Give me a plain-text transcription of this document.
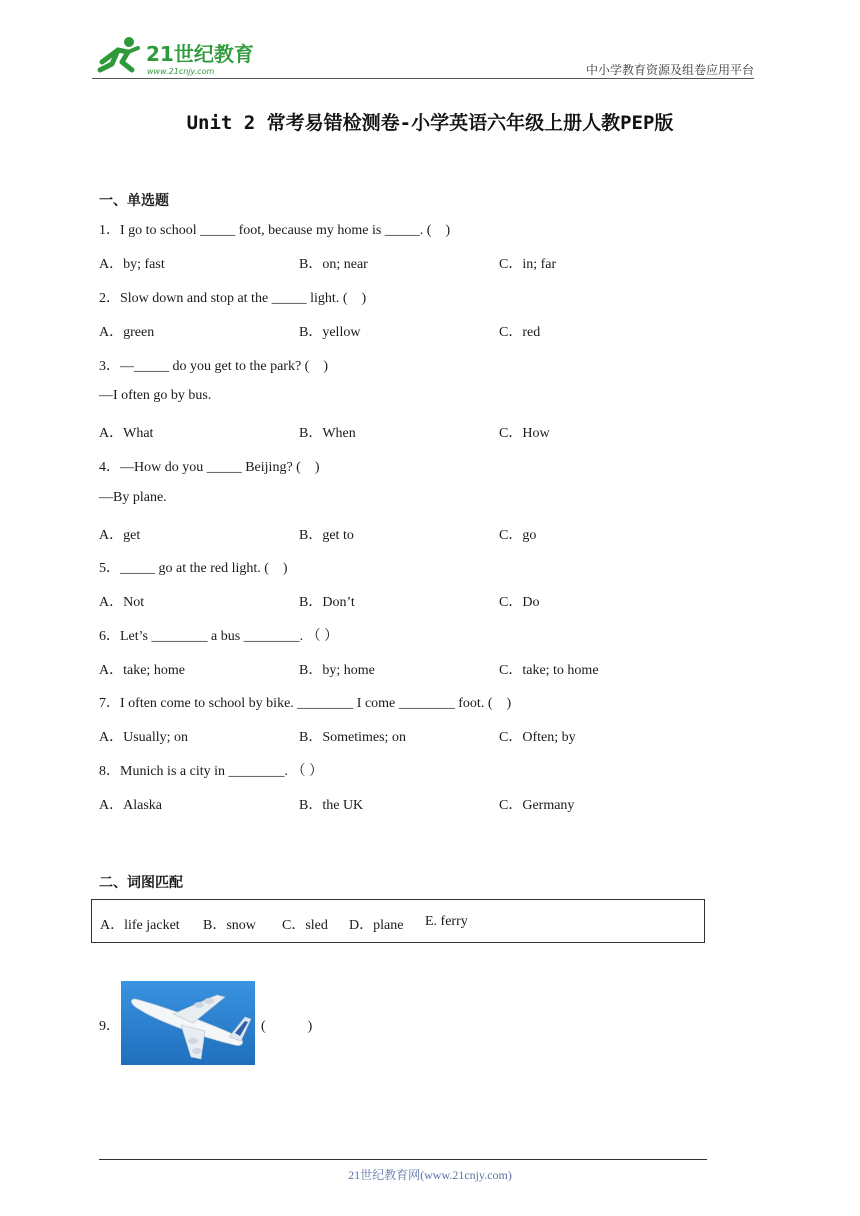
21世纪教育
www.21cnjy.com	中小学教育资源及组卷应用平台
Unit 2 常考易错检测卷-小学英语六年级上册人教PEP版
一、单选题
1．I go to school _____ foot, because my home is _____. (　)
A．by; fast	B．on; near	C．in; far
2．Slow down and stop at the _____ light. (　)
A．green	B．yellow	C．red
3．—_____ do you get to the park? (　)
—I often go by bus.
A．What	B．When	C．How
4．—How do you _____ Beijing? (　)
—By plane.
A．get	B．get to	C．go
5．_____ go at the red light. (　)
A．Not	B．Don’t	C．Do
6．Let’s ________ a bus ________. （ ）
A．take; home	B．by; home	C．take; to home
7．I often come to school by bike. ________ I come ________ foot. (　)
A．Usually; on	B．Sometimes; on	C．Often; by
8．Munich is a city in ________. （ ）
A．Alaska	B．the UK	C．Germany
二、词图匹配
A．life jacket B．snow C．sled D．plane E. ferry
9．	(　　　)
21世纪教育网(www.21cnjy.com)
